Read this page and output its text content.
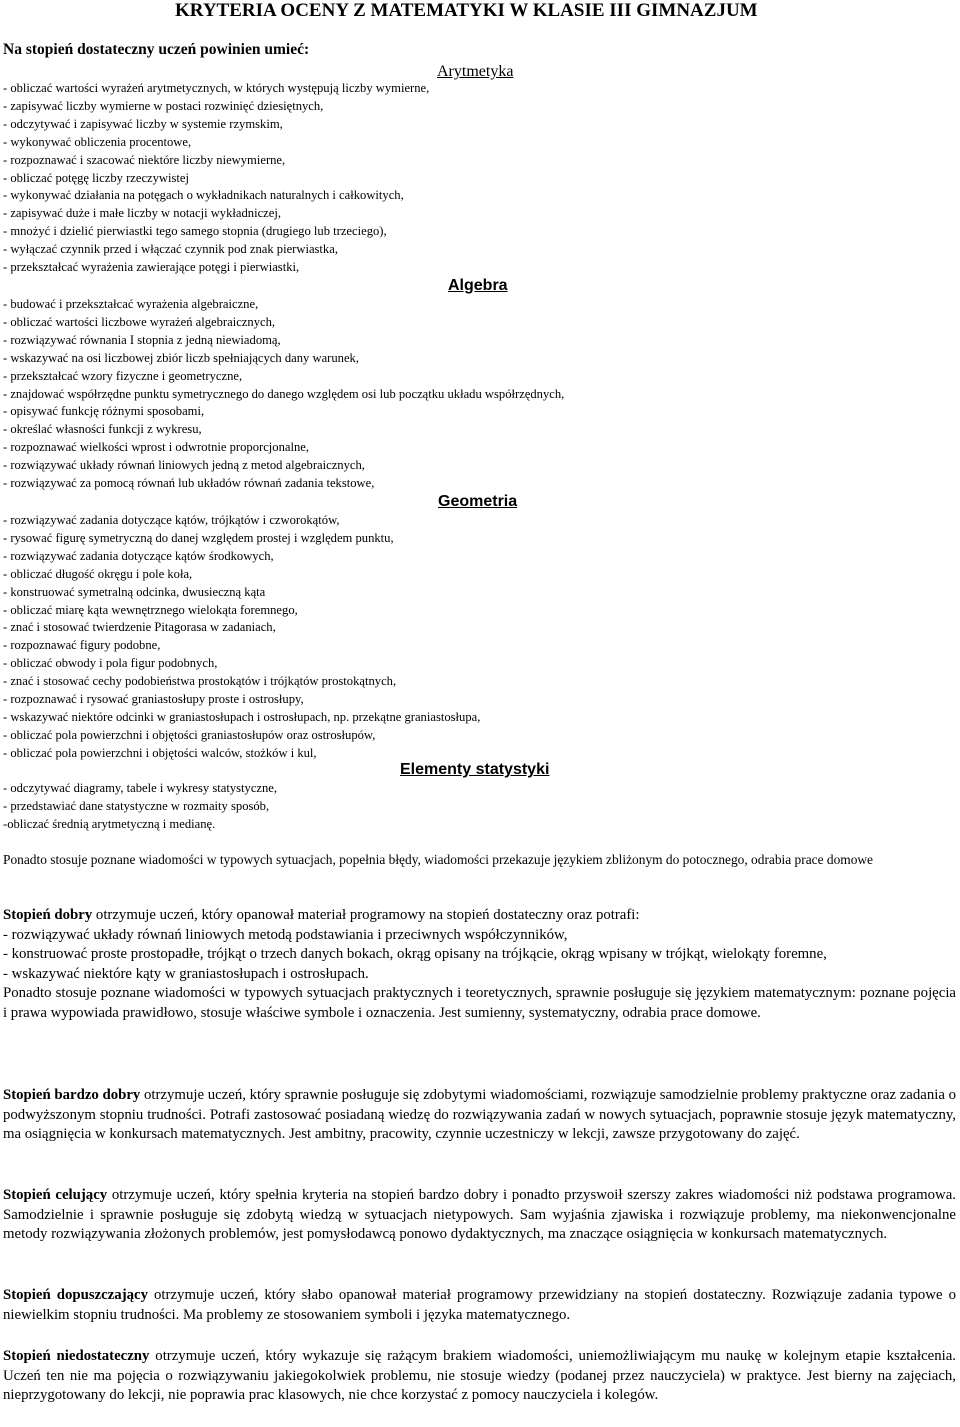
KRYTERIA OCENY Z MATEMATYKI W KLASIE III GIMNAZJUM
Na stopień dostateczny uczeń powinien umieć:
Arytmetyka
- obliczać wartości wyrażeń arytmetycznych, w których występują liczby wymierne,
- zapisywać liczby wymierne w postaci rozwinięć dziesiętnych,
- odczytywać i zapisywać liczby w systemie rzymskim,
- wykonywać obliczenia procentowe,
- rozpoznawać i szacować niektóre liczby niewymierne,
- obliczać potęgę liczby rzeczywistej
- wykonywać działania na potęgach o wykładnikach naturalnych i całkowitych,
- zapisywać duże i małe liczby w notacji wykładniczej,
- mnożyć i dzielić pierwiastki tego samego stopnia (drugiego lub trzeciego),
- wyłączać czynnik przed i włączać czynnik pod znak pierwiastka,
- przekształcać wyrażenia zawierające potęgi i pierwiastki,
Algebra
- budować i przekształcać wyrażenia algebraiczne,
- obliczać wartości liczbowe wyrażeń algebraicznych,
- rozwiązywać równania I stopnia z jedną niewiadomą,
- wskazywać na osi liczbowej zbiór liczb spełniających dany warunek,
- przekształcać wzory fizyczne i geometryczne,
- znajdować współrzędne punktu symetrycznego do danego względem osi lub początku układu współrzędnych,
- opisywać funkcję różnymi sposobami,
- określać własności funkcji z wykresu,
- rozpoznawać wielkości wprost i odwrotnie proporcjonalne,
- rozwiązywać układy równań liniowych jedną z metod algebraicznych,
- rozwiązywać za pomocą równań lub układów równań zadania tekstowe,
Geometria
- rozwiązywać zadania dotyczące kątów, trójkątów i czworokątów,
- rysować figurę symetryczną do danej względem prostej i względem punktu,
- rozwiązywać zadania dotyczące kątów środkowych,
- obliczać długość okręgu i pole koła,
- konstruować symetralną odcinka, dwusieczną kąta
- obliczać miarę kąta wewnętrznego wielokąta foremnego,
- znać i stosować twierdzenie Pitagorasa w zadaniach,
- rozpoznawać figury podobne,
- obliczać obwody i pola figur podobnych,
- znać i stosować cechy podobieństwa prostokątów i trójkątów prostokątnych,
- rozpoznawać i rysować graniastosłupy proste i ostrosłupy,
- wskazywać niektóre odcinki w graniastosłupach i ostrosłupach, np. przekątne graniastosłupa,
- obliczać pola powierzchni i objętości graniastosłupów oraz ostrosłupów,
- obliczać pola powierzchni i objętości walców, stożków i kul,
Elementy statystyki
- odczytywać diagramy, tabele i wykresy statystyczne,
- przedstawiać dane statystyczne w rozmaity sposób,
-obliczać średnią arytmetyczną i medianę.

Ponadto stosuje poznane wiadomości w typowych sytuacjach, popełnia błędy, wiadomości przekazuje językiem zbliżonym do potocznego, odrabia prace domowe

Stopień dobry otrzymuje uczeń, który opanował materiał programowy na stopień dostateczny oraz potrafi:
- rozwiązywać układy równań liniowych metodą podstawiania i przeciwnych współczynników,
- konstruować proste prostopadłe, trójkąt o trzech danych bokach, okrąg opisany na trójkącie, okrąg wpisany w trójkąt, wielokąty foremne,
- wskazywać niektóre kąty w graniastosłupach i ostrosłupach.
Ponadto stosuje poznane wiadomości w typowych sytuacjach praktycznych i teoretycznych, sprawnie posługuje się językiem matematycznym: poznane pojęcia i prawa wypowiada prawidłowo, stosuje właściwe symbole i oznaczenia. Jest sumienny, systematyczny, odrabia prace domowe.

Stopień bardzo dobry otrzymuje uczeń, który sprawnie posługuje się zdobytymi wiadomościami, rozwiązuje samodzielnie problemy praktyczne oraz zadania o podwyższonym stopniu trudności. Potrafi zastosować posiadaną wiedzę do rozwiązywania zadań w nowych sytuacjach, poprawnie stosuje język matematyczny, ma osiągnięcia w konkursach matematycznych. Jest ambitny, pracowity, czynnie uczestniczy w lekcji, zawsze przygotowany do zajęć.

Stopień celujący otrzymuje uczeń, który spełnia kryteria na stopień bardzo dobry i ponadto przyswoił szerszy zakres wiadomości niż podstawa programowa. Samodzielnie i sprawnie posługuje się zdobytą wiedzą w sytuacjach nietypowych. Sam wyjaśnia zjawiska i rozwiązuje problemy, ma niekonwencjonalne metody rozwiązywania złożonych problemów, jest pomysłodawcą ponowo dydaktycznych, ma znaczące osiągnięcia w konkursach matematycznych.

Stopień dopuszczający otrzymuje uczeń, który słabo opanował materiał programowy przewidziany na stopień dostateczny. Rozwiązuje zadania typowe o niewielkim stopniu trudności. Ma problemy ze stosowaniem symboli i języka matematycznego.

Stopień niedostateczny otrzymuje uczeń, który wykazuje się rażącym brakiem wiadomości, uniemożliwiającym mu naukę w kolejnym etapie kształcenia. Uczeń ten nie ma pojęcia o rozwiązywaniu jakiegokolwiek problemu, nie stosuje wiedzy (podanej przez nauczyciela) w praktyce. Jest bierny na zajęciach, nieprzygotowany do lekcji, nie poprawia prac klasowych, nie chce korzystać z pomocy nauczyciela i kolegów.
